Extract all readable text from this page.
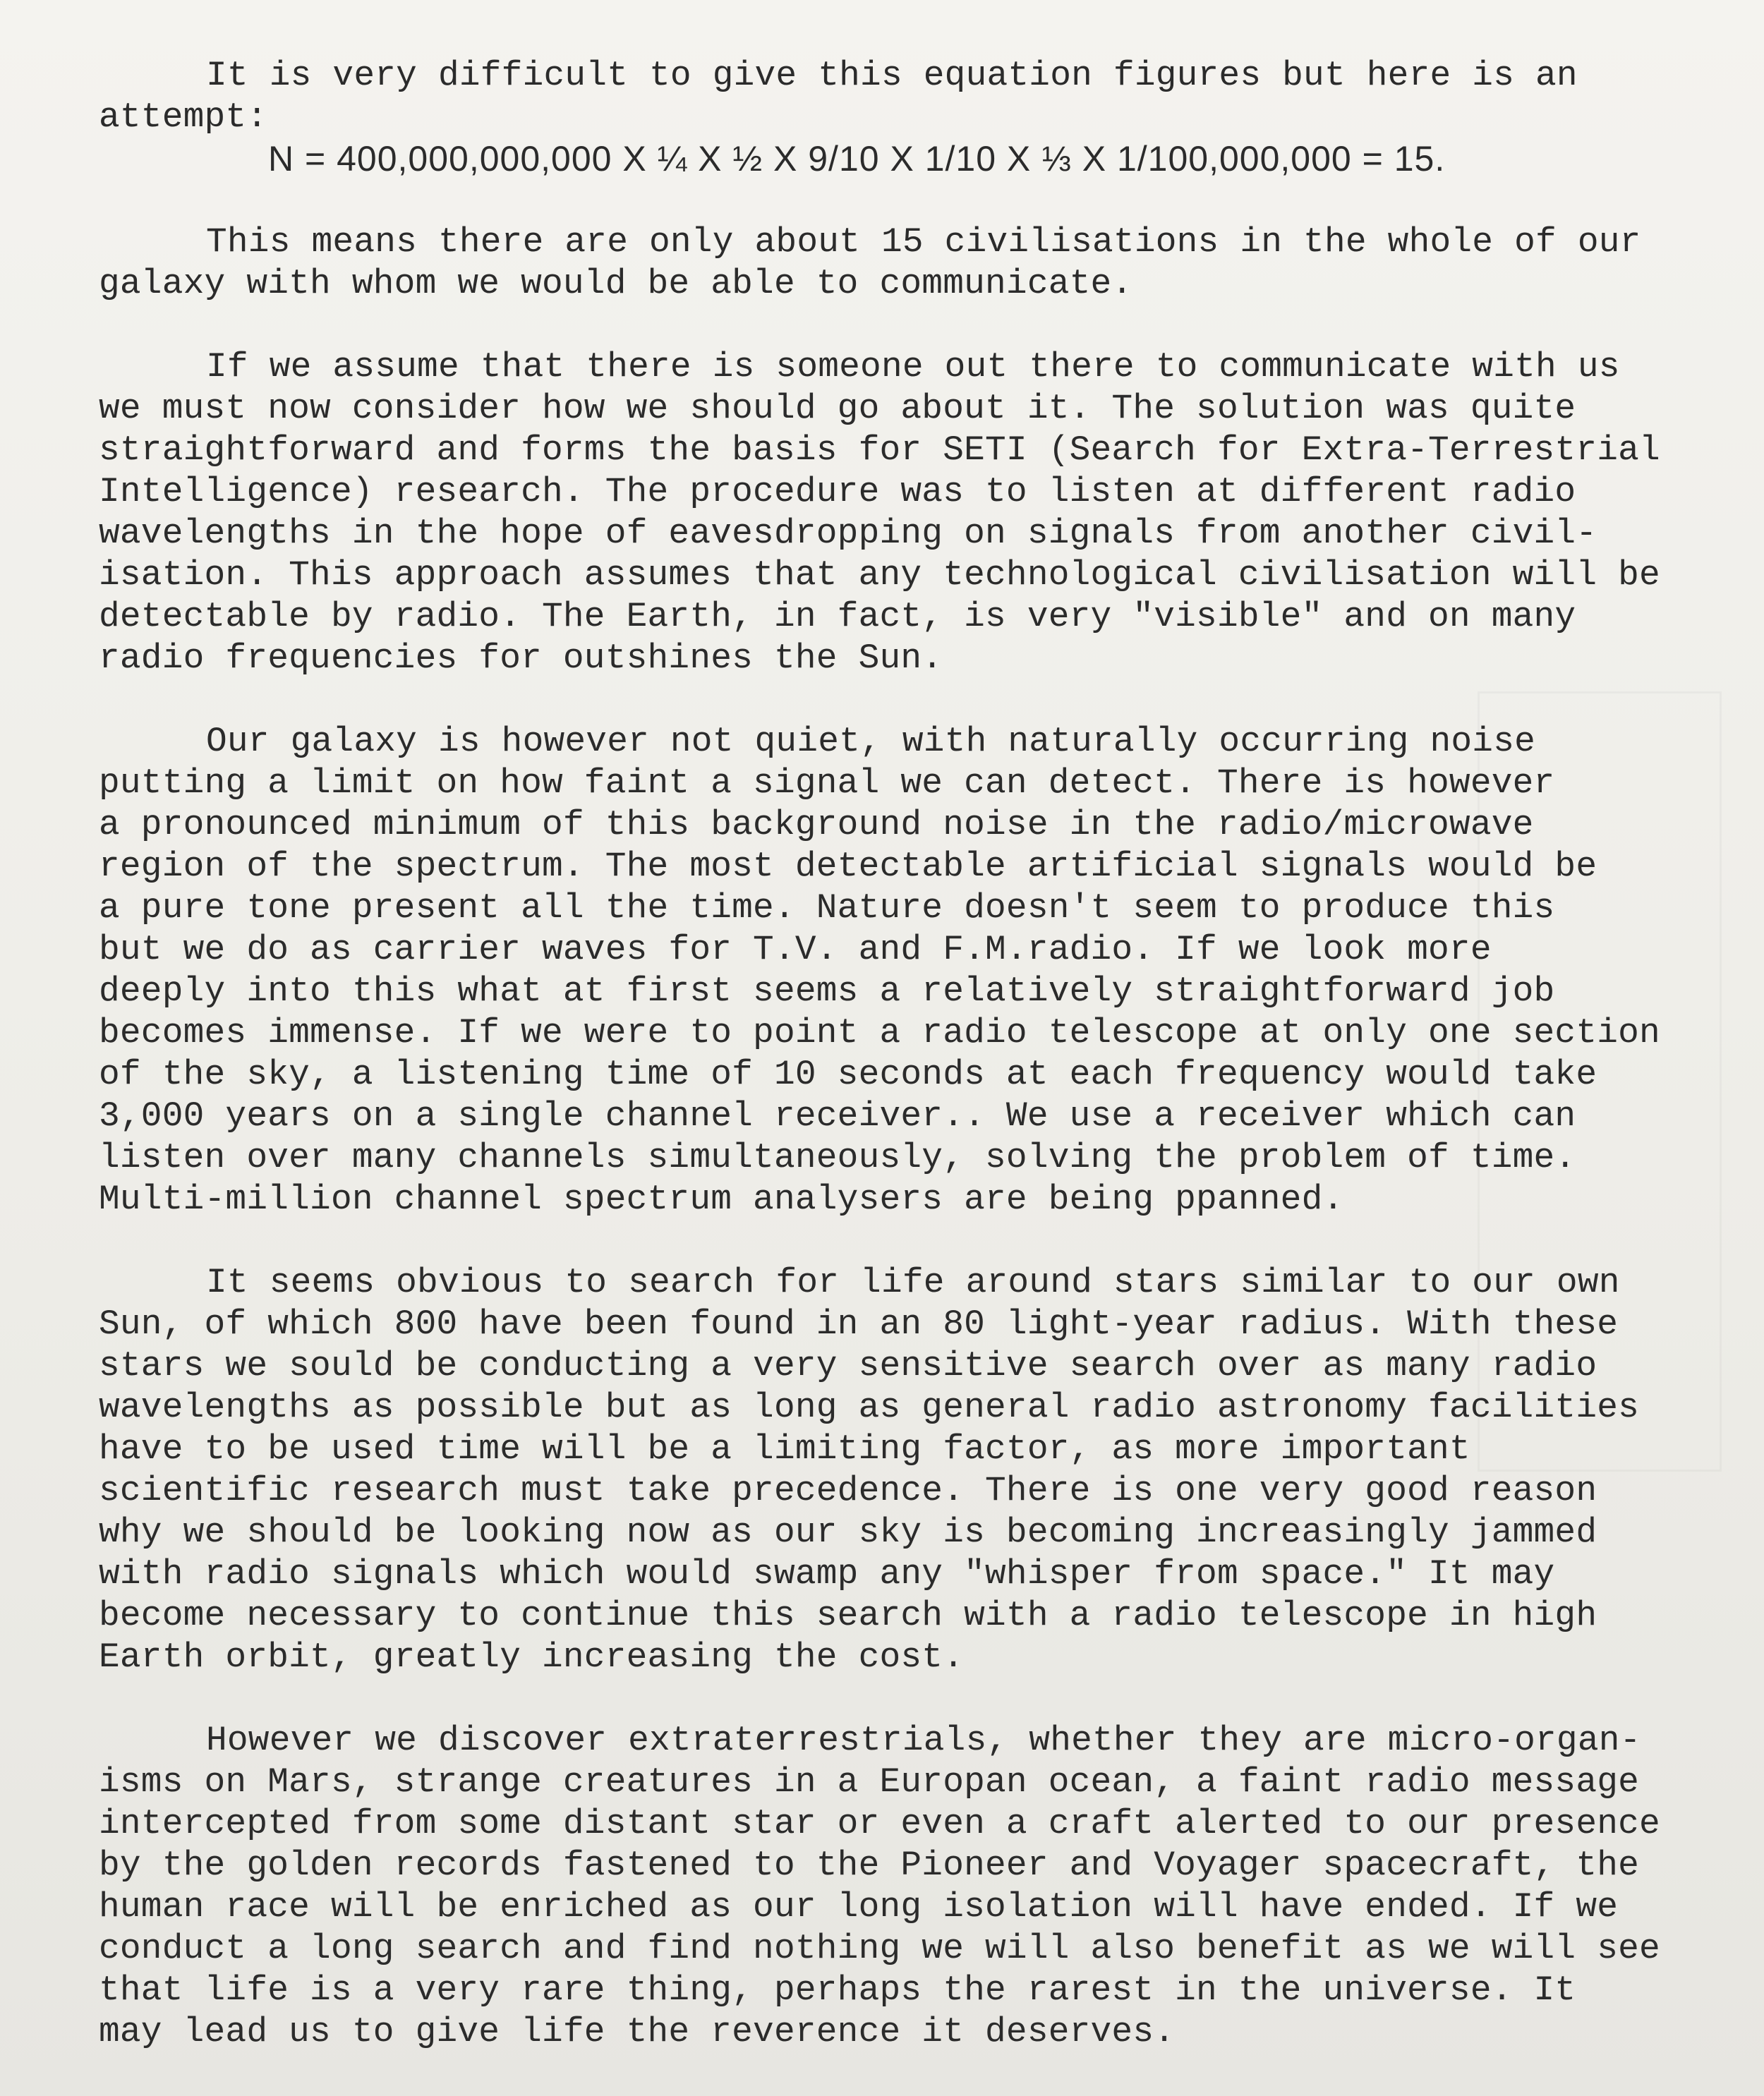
It is very difficult to give this equation figures but here is an
attempt:
N = 400,000,000,000 X ¼ X ½ X 9/10 X 1/10 X ⅓ X 1/100,000,000 = 15.
This means there are only about 15 civilisations in the whole of our
galaxy with whom we would be able to communicate.
If we assume that there is someone out there to communicate with us
we must now consider how we should go about it. The solution was quite
straightforward and forms the basis for SETI (Search for Extra-Terrestrial
Intelligence) research. The procedure was to listen at different radio
wavelengths in the hope of eavesdropping on signals from another civil-
isation. This approach assumes that any technological civilisation will be
detectable by radio. The Earth, in fact, is very "visible" and on many
radio frequencies for outshines the Sun.
Our galaxy is however not quiet, with naturally occurring noise
putting a limit on how faint a signal we can detect. There is however
a pronounced minimum of this background noise in the radio/microwave
region of the spectrum. The most detectable artificial signals would be
a pure tone present all the time. Nature doesn't seem to produce this
but we do as carrier waves for T.V. and F.M.radio. If we look more
deeply into this what at first seems a relatively straightforward job
becomes immense. If we were to point a radio telescope at only one section
of the sky, a listening time of 10 seconds at each frequency would take
3,000 years on a single channel receiver.. We use a receiver which can
listen over many channels simultaneously, solving the problem of time.
Multi-million channel spectrum analysers are being ppanned.
It seems obvious to search for life around stars similar to our own
Sun, of which 800 have been found in an 80 light-year radius. With these
stars we sould be conducting a very sensitive search over as many radio
wavelengths as possible but as long as general radio astronomy facilities
have to be used time will be a limiting factor, as more important
scientific research must take precedence. There is one very good reason
why we should be looking now as our sky is becoming increasingly jammed
with radio signals which would swamp any "whisper from space." It may
become necessary to continue this search with a radio telescope in high
Earth orbit, greatly increasing the cost.
However we discover extraterrestrials, whether they are micro-organ-
isms on Mars, strange creatures in a Europan ocean, a faint radio message
intercepted from some distant star or even a craft alerted to our presence
by the golden records fastened to the Pioneer and Voyager spacecraft, the
human race will be enriched as our long isolation will have ended. If we
conduct a long search and find nothing we will also benefit as we will see
that life is a very rare thing, perhaps the rarest in the universe. It
may lead us to give life the reverence it deserves.
